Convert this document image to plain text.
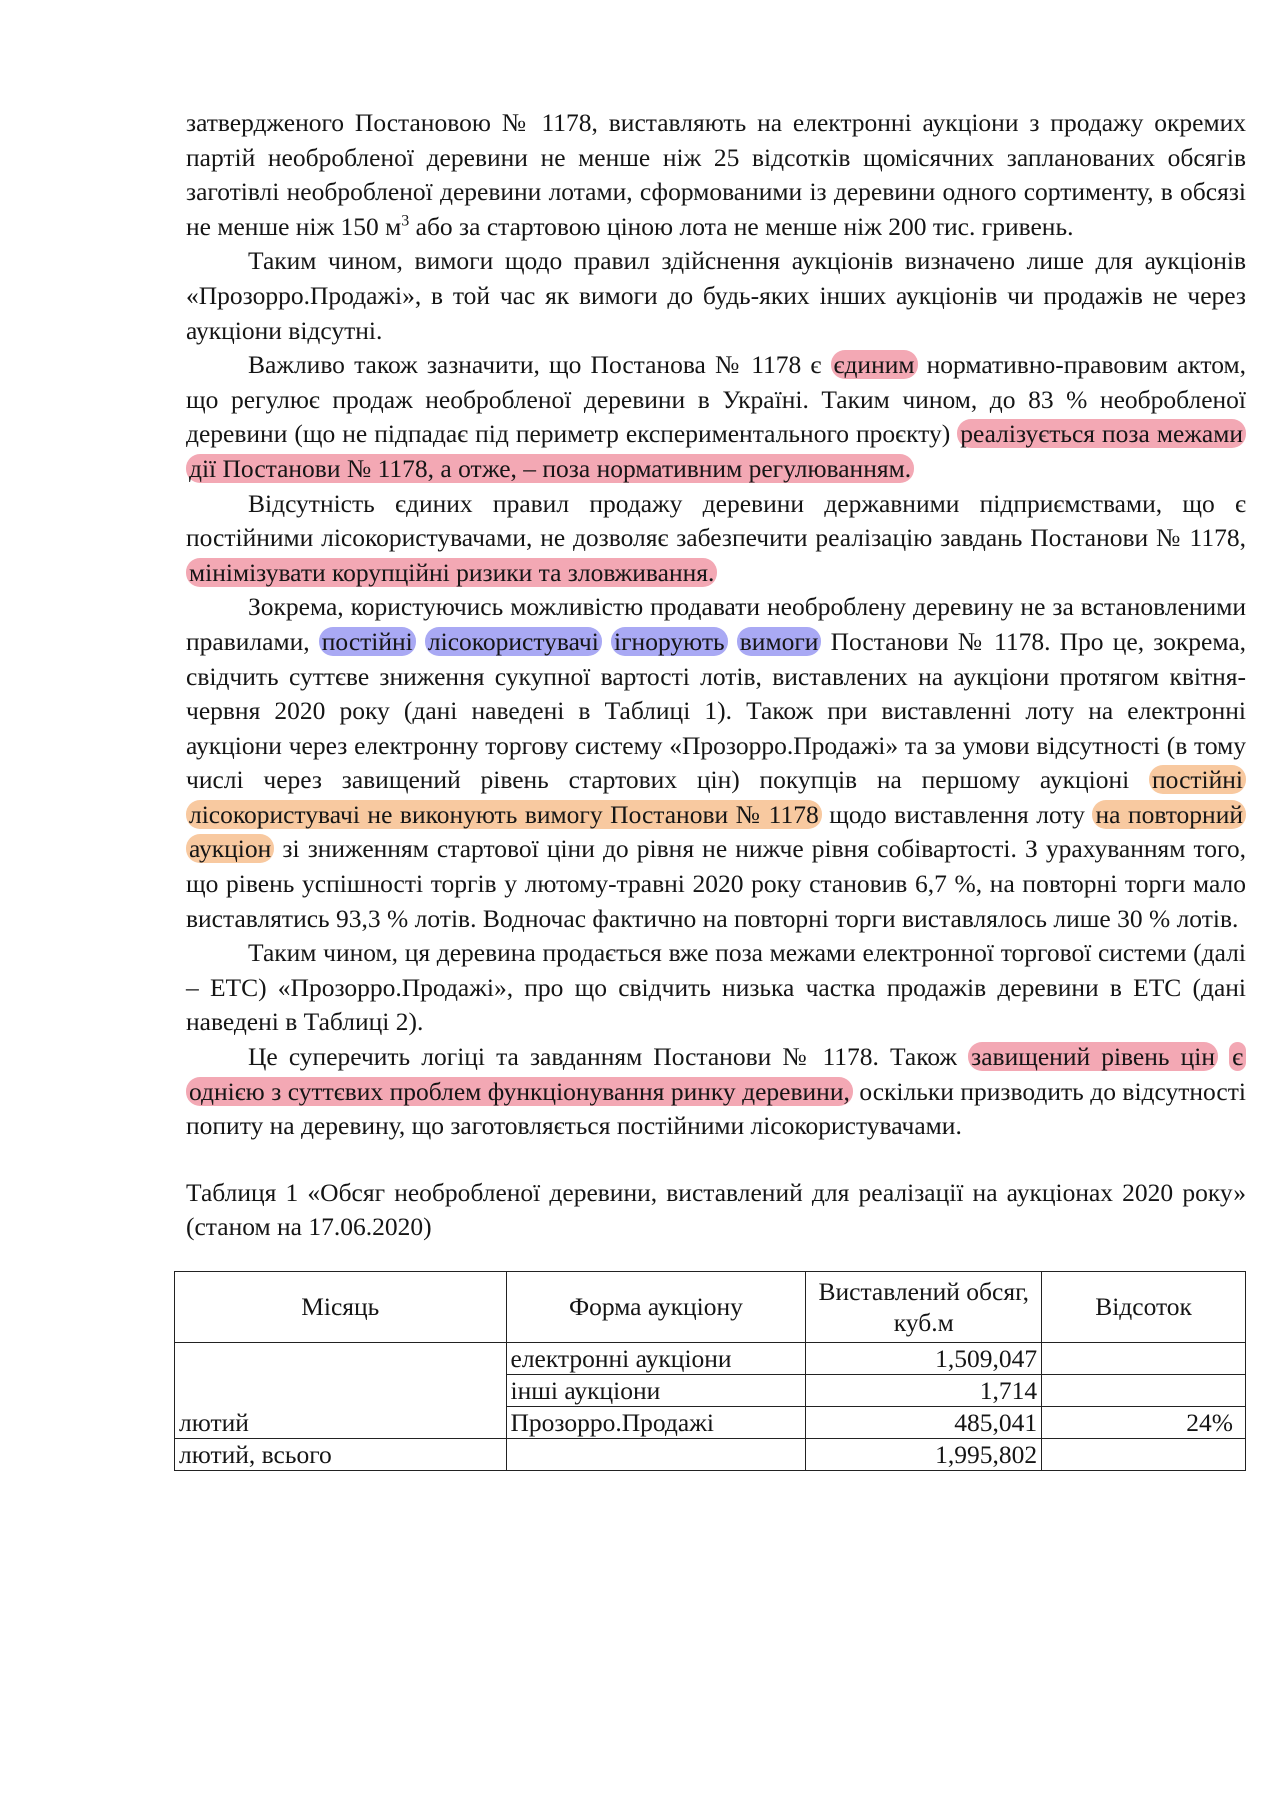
затвердженого Постановою № 1178, виставляють на електронні аукціони з продажу окремих партій необробленої деревини не менше ніж 25 відсотків щомісячних запланованих обсягів заготівлі необробленої деревини лотами, сформованими із деревини одного сортименту, в обсязі не менше ніж 150 $м^3$ або за стартовою ціною лота не менше ніж 200 тис. гривень.

Таким чином, вимоги щодо правил здійснення аукціонів визначено лише для аукціонів «Прозорро.Продажі», в той час як вимоги до будь-яких інших аукціонів чи продажів не через аукціони відсутні.

Важливо також зазначити, що Постанова № 1178 є єдиним нормативно-правовим актом, що регулює продаж необробленої деревини в Україні. Таким чином, до 83 % необробленої деревини (що не підпадає під периметр експериментального проєкту) реалізується поза межами дії Постанови № 1178, а отже, – поза нормативним регулюванням.

Відсутність єдиних правил продажу деревини державними підприємствами, що є постійними лісокористувачами, не дозволяє забезпечити реалізацію завдань Постанови № 1178, мінімізувати корупційні ризики та зловживання.

Зокрема, користуючись можливістю продавати необроблену деревину не за встановленими правилами, постійні лісокористувачі ігнорують вимоги Постанови № 1178. Про це, зокрема, свідчить суттєве зниження сукупної вартості лотів, виставлених на аукціони протягом квітня-червня 2020 року (дані наведені в Таблиці 1). Також при виставленні лоту на електронні аукціони через електронну торгову систему «Прозорро.Продажі» та за умови відсутності (в тому числі через завищений рівень стартових цін) покупців на першому аукціоні постійні лісокористувачі не виконують вимогу Постанови № 1178 щодо виставлення лоту на повторний аукціон зі зниженням стартової ціни до рівня не нижче рівня собівартості. З урахуванням того, що рівень успішності торгів у лютому-травні 2020 року становив 6,7 %, на повторні торги мало виставлятись 93,3 % лотів. Водночас фактично на повторні торги виставлялось лише 30 % лотів.

Таким чином, ця деревина продається вже поза межами електронної торгової системи (далі – ЕТС) «Прозорро.Продажі», про що свідчить низька частка продажів деревини в ЕТС (дані наведені в Таблиці 2).

Це суперечить логіці та завданням Постанови № 1178. Також завищений рівень цін є однією з суттєвих проблем функціонування ринку деревини, оскільки призводить до відсутності попиту на деревину, що заготовляється постійними лісокористувачами.

Таблиця 1 «Обсяг необробленої деревини, виставлений для реалізації на аукціонах 2020 року» (станом на 17.06.2020)

Місяць	Форма аукціону	Виставлений обсяг, куб.м	Відсоток
лютий	електронні аукціони	1,509,047	
	інші аукціони	1,714	
	Прозорро.Продажі	485,041	24%
лютий, всього		1,995,802	
